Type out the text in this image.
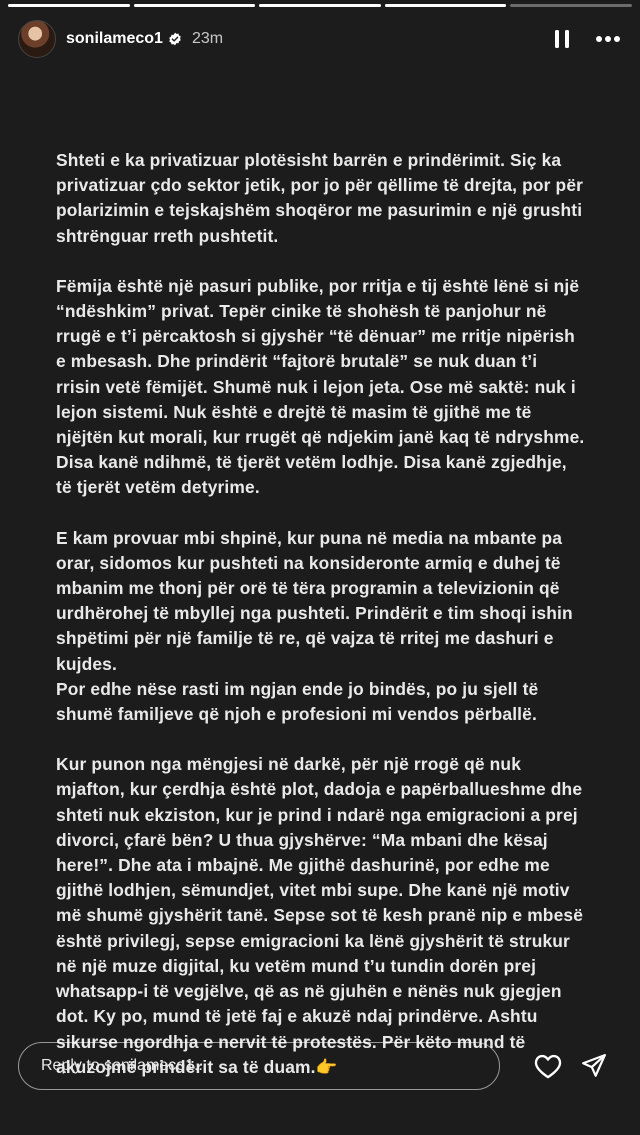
sonilameco1 23m

Shteti e ka privatizuar plotësisht barrën e prindërimit. Siç ka privatizuar çdo sektor jetik, por jo për qëllime të drejta, por për polarizimin e tejskajshëm shoqëror me pasurimin e një grushti shtrënguar rreth pushtetit.

Fëmija është një pasuri publike, por rritja e tij është lënë si një “ndëshkim” privat. Tepër cinike të shohësh të panjohur në rrugë e t’i përcaktosh si gjyshër “të dënuar” me rritje nipërish e mbesash. Dhe prindërit “fajtorë brutalë” se nuk duan t’i rrisin vetë fëmijët. Shumë nuk i lejon jeta. Ose më saktë: nuk i lejon sistemi. Nuk është e drejtë të masim të gjithë me të njëjtën kut morali, kur rrugët që ndjekim janë kaq të ndryshme. Disa kanë ndihmë, të tjerët vetëm lodhje. Disa kanë zgjedhje, të tjerët vetëm detyrime.

E kam provuar mbi shpinë, kur puna në media na mbante pa orar, sidomos kur pushteti na konsideronte armiq e duhej të mbanim me thonj për orë të tëra programin a televizionin që urdhërohej të mbyllej nga pushteti. Prindërit e tim shoqi ishin shpëtimi për një familje të re, që vajza të rritej me dashuri e kujdes.
Por edhe nëse rasti im ngjan ende jo bindës, po ju sjell të shumë familjeve që njoh e profesioni mi vendos përballë.

Kur punon nga mëngjesi në darkë, për një rrogë që nuk mjafton, kur çerdhja është plot, dadoja e papërballueshme dhe shteti nuk ekziston, kur je prind i ndarë nga emigracioni a prej divorci, çfarë bën? U thua gjyshërve: “Ma mbani dhe kësaj here!”. Dhe ata i mbajnë. Me gjithë dashurinë, por edhe me gjithë lodhjen, sëmundjet, vitet mbi supe. Dhe kanë një motiv më shumë gjyshërit tanë. Sepse sot të kesh pranë nip e mbesë është privilegj, sepse emigracioni ka lënë gjyshërit të strukur në një muze digjital, ku vetëm mund t’u tundin dorën prej whatsapp-i të vegjëlve, që as në gjuhën e nënës nuk gjegjen dot. Ky po, mund të jetë faj e akuzë ndaj prindërve. Ashtu sikurse ngordhja e nervit të protestës. Për këto mund të akuzojmë prindërit sa të duam.👉

Reply to sonilameco1...
